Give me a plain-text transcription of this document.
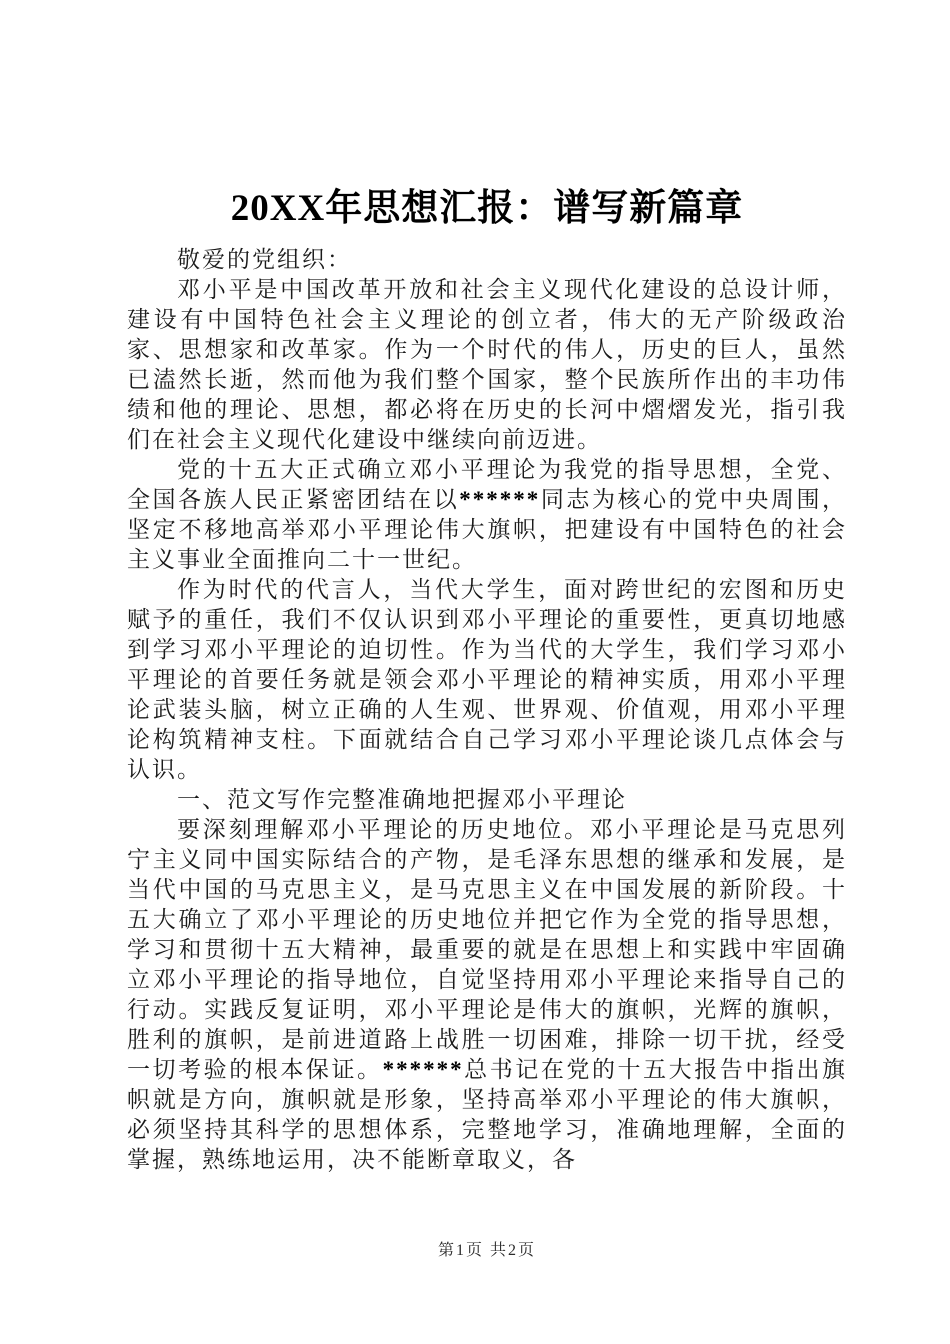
20XX年思想汇报：谱写新篇章

敬爱的党组织：

邓小平是中国改革开放和社会主义现代化建设的总设计师，建设有中国特色社会主义理论的创立者，伟大的无产阶级政治家、思想家和改革家。作为一个时代的伟人，历史的巨人，虽然已溘然长逝，然而他为我们整个国家，整个民族所作出的丰功伟绩和他的理论、思想，都必将在历史的长河中熠熠发光，指引我们在社会主义现代化建设中继续向前迈进。

党的十五大正式确立邓小平理论为我党的指导思想，全党、全国各族人民正紧密团结在以******同志为核心的党中央周围，坚定不移地高举邓小平理论伟大旗帜，把建设有中国特色的社会主义事业全面推向二十一世纪。

作为时代的代言人，当代大学生，面对跨世纪的宏图和历史赋予的重任，我们不仅认识到邓小平理论的重要性，更真切地感到学习邓小平理论的迫切性。作为当代的大学生，我们学习邓小平理论的首要任务就是领会邓小平理论的精神实质，用邓小平理论武装头脑，树立正确的人生观、世界观、价值观，用邓小平理论构筑精神支柱。下面就结合自己学习邓小平理论谈几点体会与认识。

一、范文写作完整准确地把握邓小平理论

要深刻理解邓小平理论的历史地位。邓小平理论是马克思列宁主义同中国实际结合的产物，是毛泽东思想的继承和发展，是当代中国的马克思主义，是马克思主义在中国发展的新阶段。十五大确立了邓小平理论的历史地位并把它作为全党的指导思想，学习和贯彻十五大精神，最重要的就是在思想上和实践中牢固确立邓小平理论的指导地位，自觉坚持用邓小平理论来指导自己的行动。实践反复证明，邓小平理论是伟大的旗帜，光辉的旗帜，胜利的旗帜，是前进道路上战胜一切困难，排除一切干扰，经受一切考验的根本保证。******总书记在党的十五大报告中指出旗帜就是方向，旗帜就是形象，坚持高举邓小平理论的伟大旗帜，必须坚持其科学的思想体系，完整地学习，准确地理解，全面的掌握，熟练地运用，决不能断章取义，各

第1页 共2页
